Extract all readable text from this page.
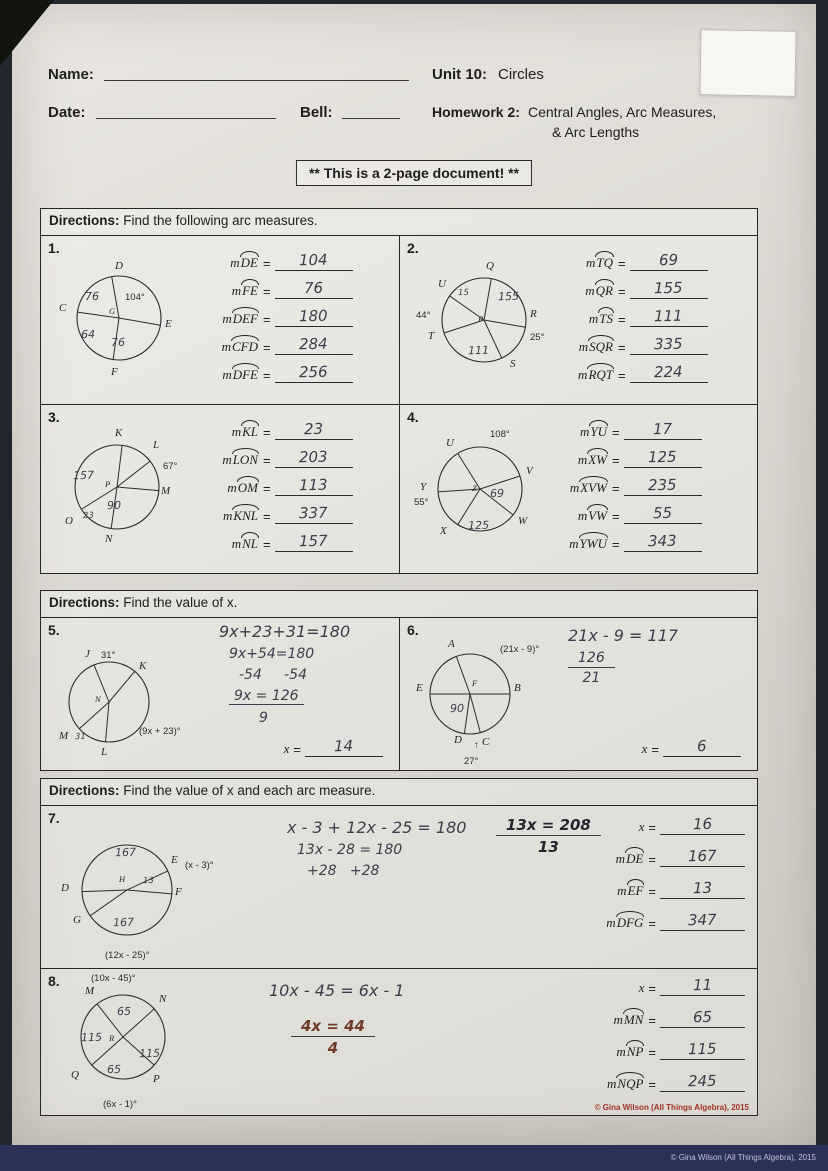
Name:	Unit 10: Circles
Date:	Bell:	Homework 2: Central Angles, Arc Measures,
& Arc Lengths
** This is a 2-page document! **
Directions: Find the following arc measures.
1.
D
C
E
F
G
76	104°
64
76
mDE =	104
mFE =	76
mDEF =	180
mCFD =	284
mDFE =	256
2.
Q
U
T
R
S
P
155
15
44°
111
25°
mTQ =	69
mQR =	155
mTS =	111
mSQR =	335
mRQT =	224
3.
K
L
M
N
O
P
157
67°
90
23
mKL =	23
mLON =	203
mOM =	113
mKNL =	337
mNL =	157
4.
U
V
W
X
Y	Z
108°
55°
69
125
mYU =	17
mXW =	125
mXVW =	235
mVW =	55
mYWU =	343
Directions: Find the value of x.
5.
J 31°
K
L
M
N
31	(9x + 23)°
9x+23+31=180
9x+54=180
-54     -54
9x = 126
9
x =	14
6.
A	(21x - 9)°
E	F	B
90
D C
↑
27°
21x - 9 = 117
$\frac{126}{21}$
x =	6
Directions: Find the value of x and each arc measure.
7.
167
E (x - 3)°
H 13
D	F
G	167
(12x - 25)°
x - 3 + 12x - 25 = 180
13x - 28 = 180
+28   +28
$\frac{13x = 208}{13}$	x =	16
mDE =	167
mEF =	13
mDFG =	347
8.	(10x - 45)°
M
N
65
115 R
115
65
Q	P
(6x - 1)°
10x - 45 = 6x - 1
$\frac{4x = 44}{4}$
x =	11
mMN =	65
mNP =	115
mNQP =	245
© Gina Wilson (All Things Algebra), 2015
© Gina Wilson (All Things Algebra), 2015
